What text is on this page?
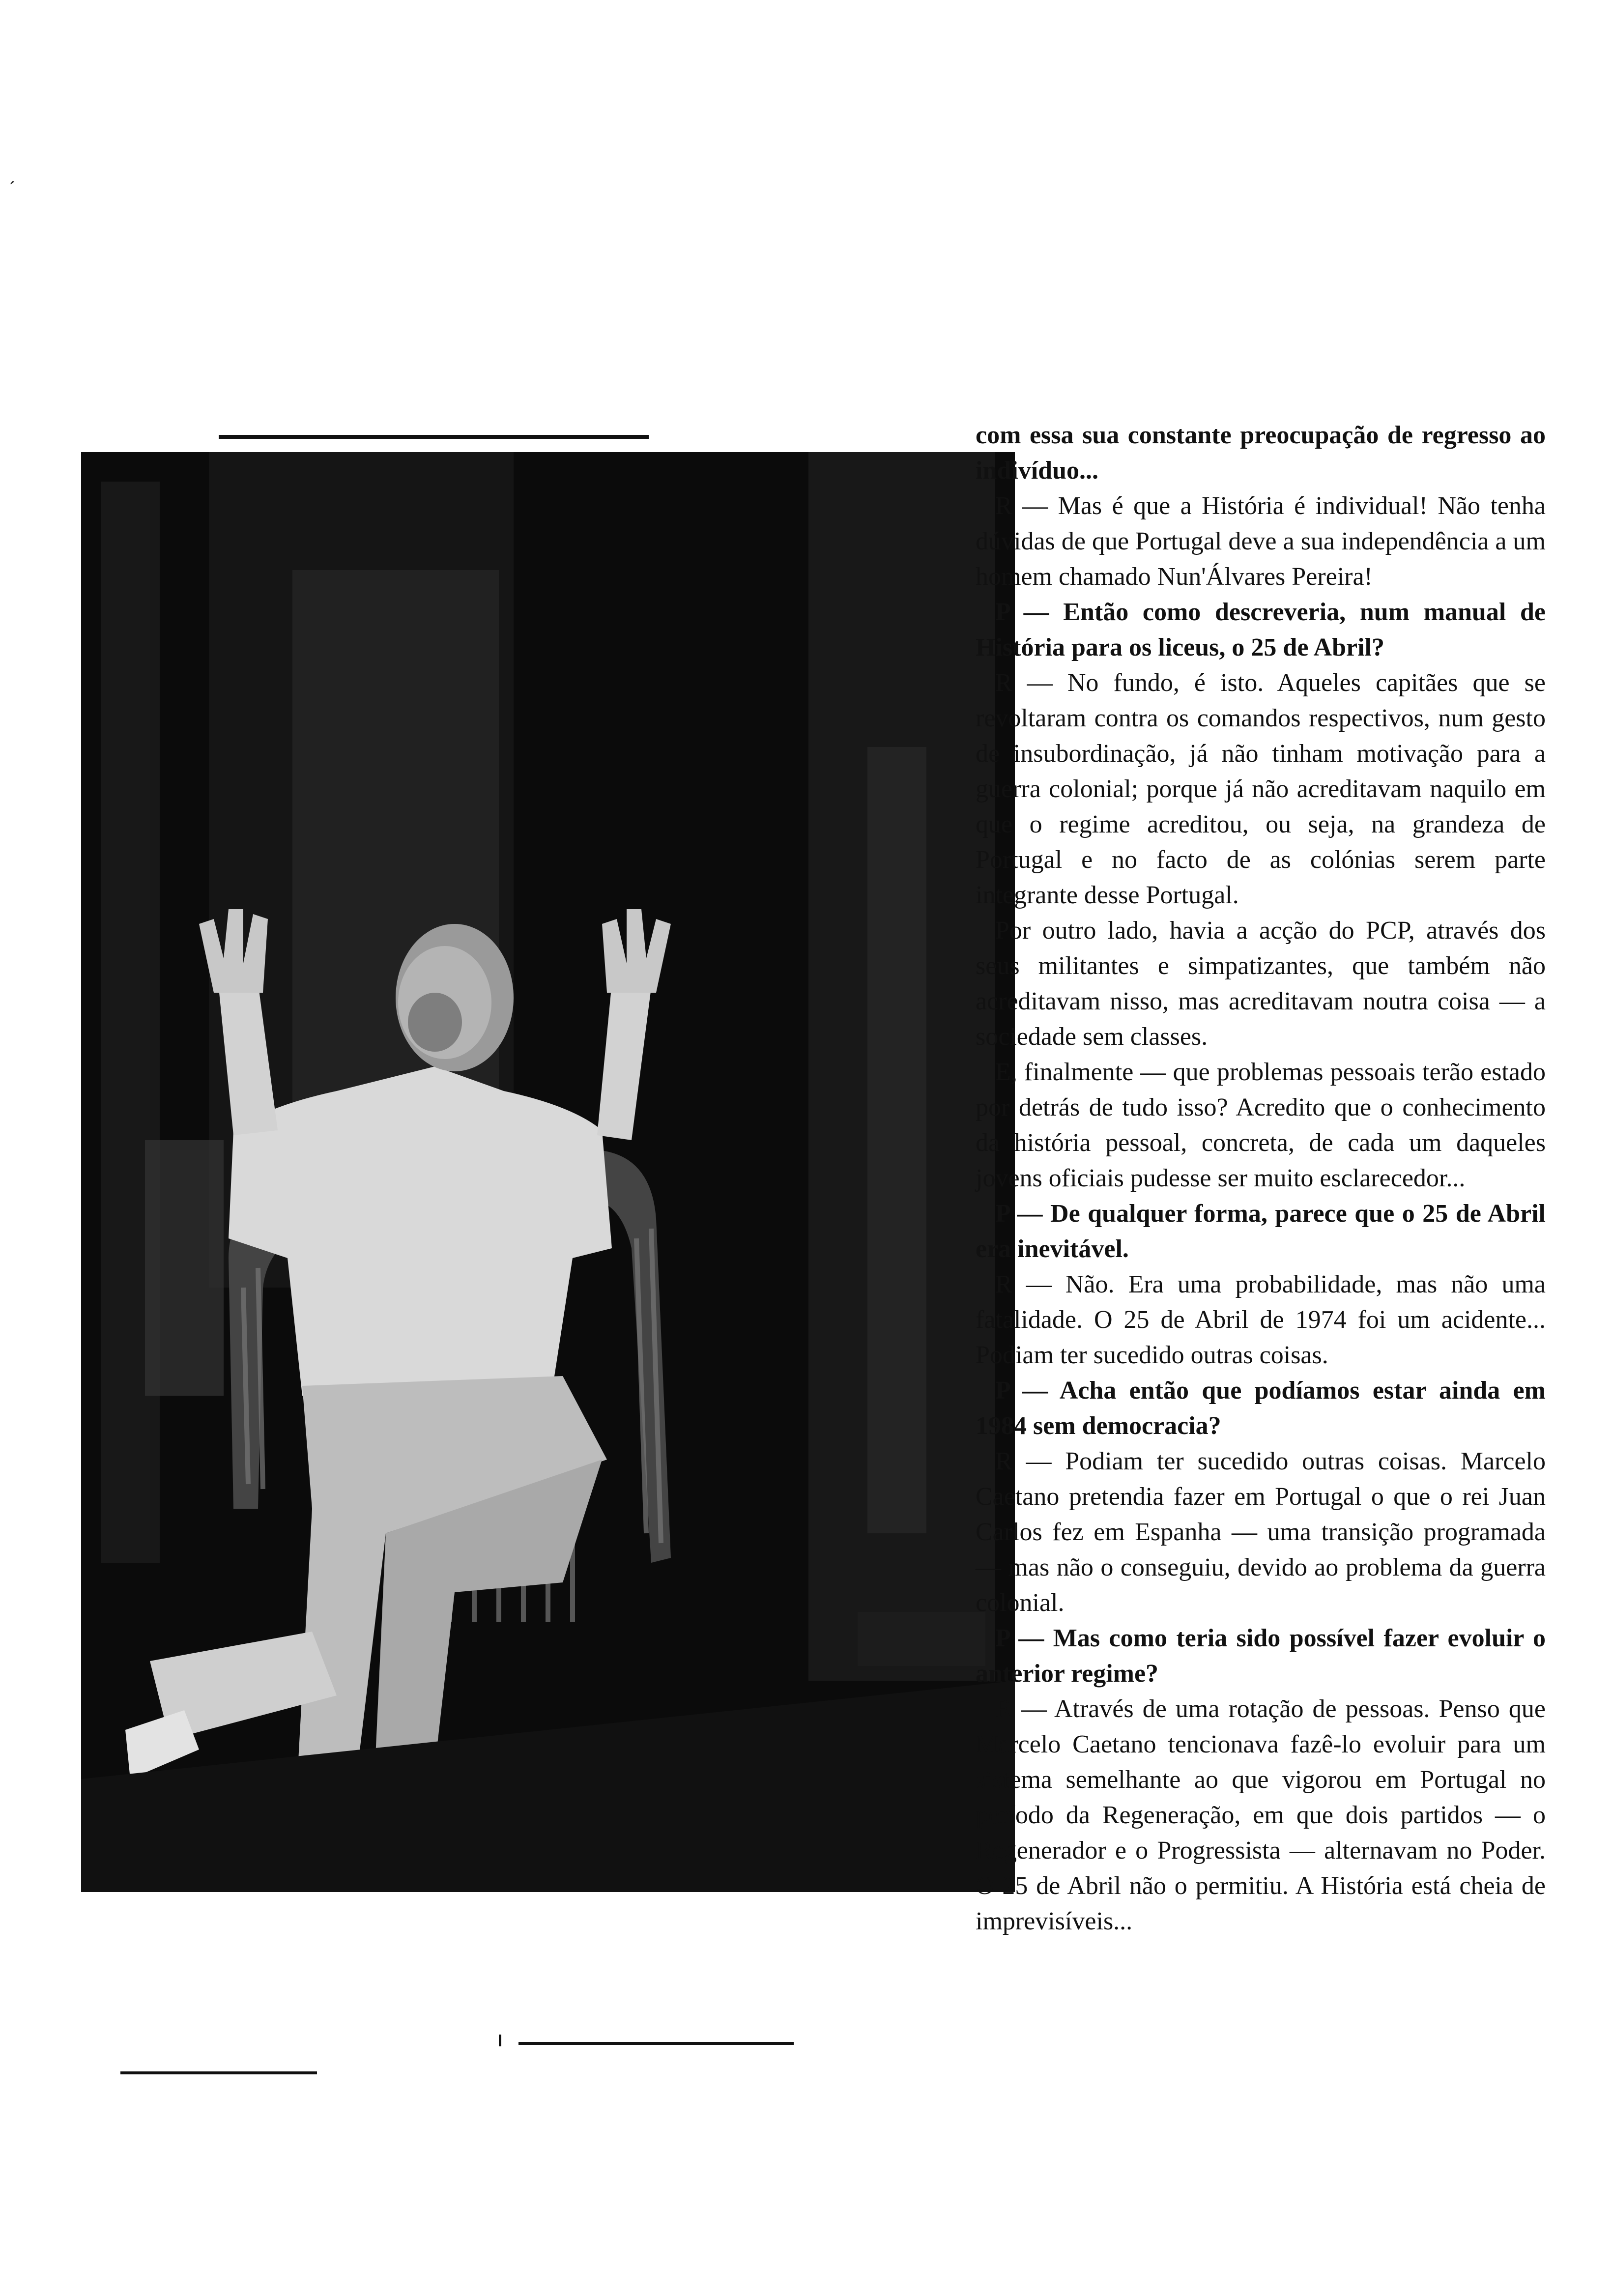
ˊ

com essa sua constante preocupação de regresso ao indivíduo...

R — Mas é que a História é individual! Não tenha dúvidas de que Portugal deve a sua independência a um homem chamado Nun'Álvares Pereira!

P — Então como descreveria, num manual de História para os liceus, o 25 de Abril?

R — No fundo, é isto. Aqueles capitães que se revoltaram contra os comandos respectivos, num gesto de insubordinação, já não tinham motivação para a guerra colonial; porque já não acreditavam naquilo em que o regime acreditou, ou seja, na grandeza de Portugal e no facto de as colónias serem parte integrante desse Portugal.

Por outro lado, havia a acção do PCP, através dos seus militantes e simpatizantes, que também não acreditavam nisso, mas acreditavam noutra coisa — a sociedade sem classes.

E, finalmente — que problemas pessoais terão estado por detrás de tudo isso? Acredito que o conhecimento da história pessoal, concreta, de cada um daqueles jovens oficiais pudesse ser muito esclarecedor...

P — De qualquer forma, parece que o 25 de Abril era inevitável.

R — Não. Era uma probabilidade, mas não uma fatalidade. O 25 de Abril de 1974 foi um acidente... Podiam ter sucedido outras coisas.

P — Acha então que podíamos estar ainda em 1984 sem democracia?

R — Podiam ter sucedido outras coisas. Marcelo Caetano pretendia fazer em Portugal o que o rei Juan Carlos fez em Espanha — uma transição programada — mas não o conseguiu, devido ao problema da guerra colonial.

P — Mas como teria sido possível fazer evoluir o anterior regime?

R — Através de uma rotação de pessoas. Penso que Marcelo Caetano tencionava fazê-lo evoluir para um sistema semelhante ao que vigorou em Portugal no período da Regeneração, em que dois partidos — o Regenerador e o Progressista — alternavam no Poder. O 25 de Abril não o permitiu. A História está cheia de imprevisíveis...
